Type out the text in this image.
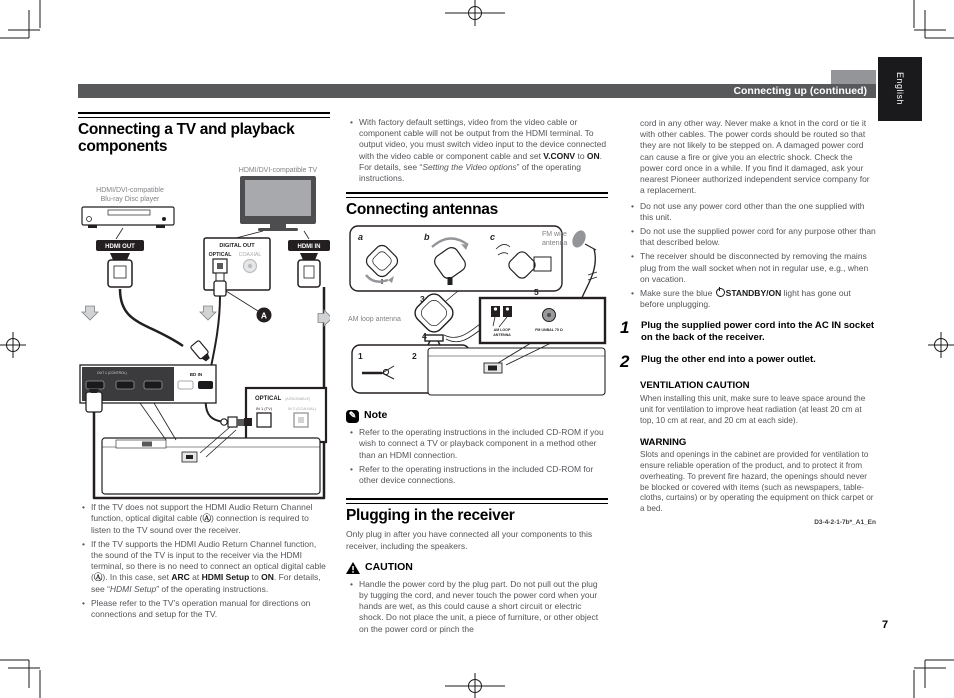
Connecting up (continued)	English
Connecting a TV and playback components
HDMI/DVI-compatible
Blu-ray Disc player
HDMI/DVI-compatible TV
HDMI OUT	DIGITAL OUT
OPTICAL COAXIAL
A
HDMI IN
OUT 1 (CONTROL)	BD IN
OPTICAL (ASSIGNABLE)
IN 1 (TV)	IN 2 (COAXIAL)
• If the TV does not support the HDMI Audio Return Channel function, optical digital cable (Ⓐ) connection is required to listen to the TV sound over the receiver.
• If the TV supports the HDMI Audio Return Channel function, the sound of the TV is input to the receiver via the HDMI terminal, so there is no need to connect an optical digital cable (Ⓐ). In this case, set ARC at HDMI Setup to ON. For details, see “HDMI Setup” of the operating instructions.
• Please refer to the TV’s operation manual for directions on connections and setup for the TV.
• With factory default settings, video from the video cable or component cable will not be output from the HDMI terminal. To output video, you must switch video input to the device connected with the video cable or component cable and set V.CONV to ON. For details, see “Setting the Video options” of the operating instructions.
Connecting antennas
a	b	c
3
FM wire
antenna
AM loop antenna
4
5
AM LOOP
ANTENNA
FM UNBAL 75 Ω
1	2
✎ Note
• Refer to the operating instructions in the included CD-ROM if you wish to connect a TV or playback component in a method other than an HDMI connection.
• Refer to the operating instructions in the included CD-ROM for other device connections.
Plugging in the receiver

Only plug in after you have connected all your components to this receiver, including the speakers.

CAUTION
• Handle the power cord by the plug part. Do not pull out the plug by tugging the cord, and never touch the power cord when your hands are wet, as this could cause a short circuit or electric shock. Do not place the unit, a piece of furniture, or other object on the power cord or pinch the

cord in any other way. Never make a knot in the cord or tie it with other cables. The power cords should be routed so that they are not likely to be stepped on. A damaged power cord can cause a fire or give you an electric shock. Check the power cord once in a while. If you find it damaged, ask your nearest Pioneer authorized independent service company for a replacement.

• Do not use any power cord other than the one supplied with this unit.
• Do not use the supplied power cord for any purpose other than that described below.
• The receiver should be disconnected by removing the mains plug from the wall socket when not in regular use, e.g., when on vacation.
• Make sure the blue STANDBY/ON light has gone out before unplugging.
1 Plug the supplied power cord into the AC IN socket on the back of the receiver.
2 Plug the other end into a power outlet.
VENTILATION CAUTION

When installing this unit, make sure to leave space around the unit for ventilation to improve heat radiation (at least 20 cm at top, 10 cm at rear, and 20 cm at each side).

WARNING

Slots and openings in the cabinet are provided for ventilation to ensure reliable operation of the product, and to protect it from overheating. To prevent fire hazard, the openings should never be blocked or covered with items (such as newspapers, table-cloths, curtains) or by operating the equipment on thick carpet or a bed.

D3-4-2-1-7b*_A1_En
7
